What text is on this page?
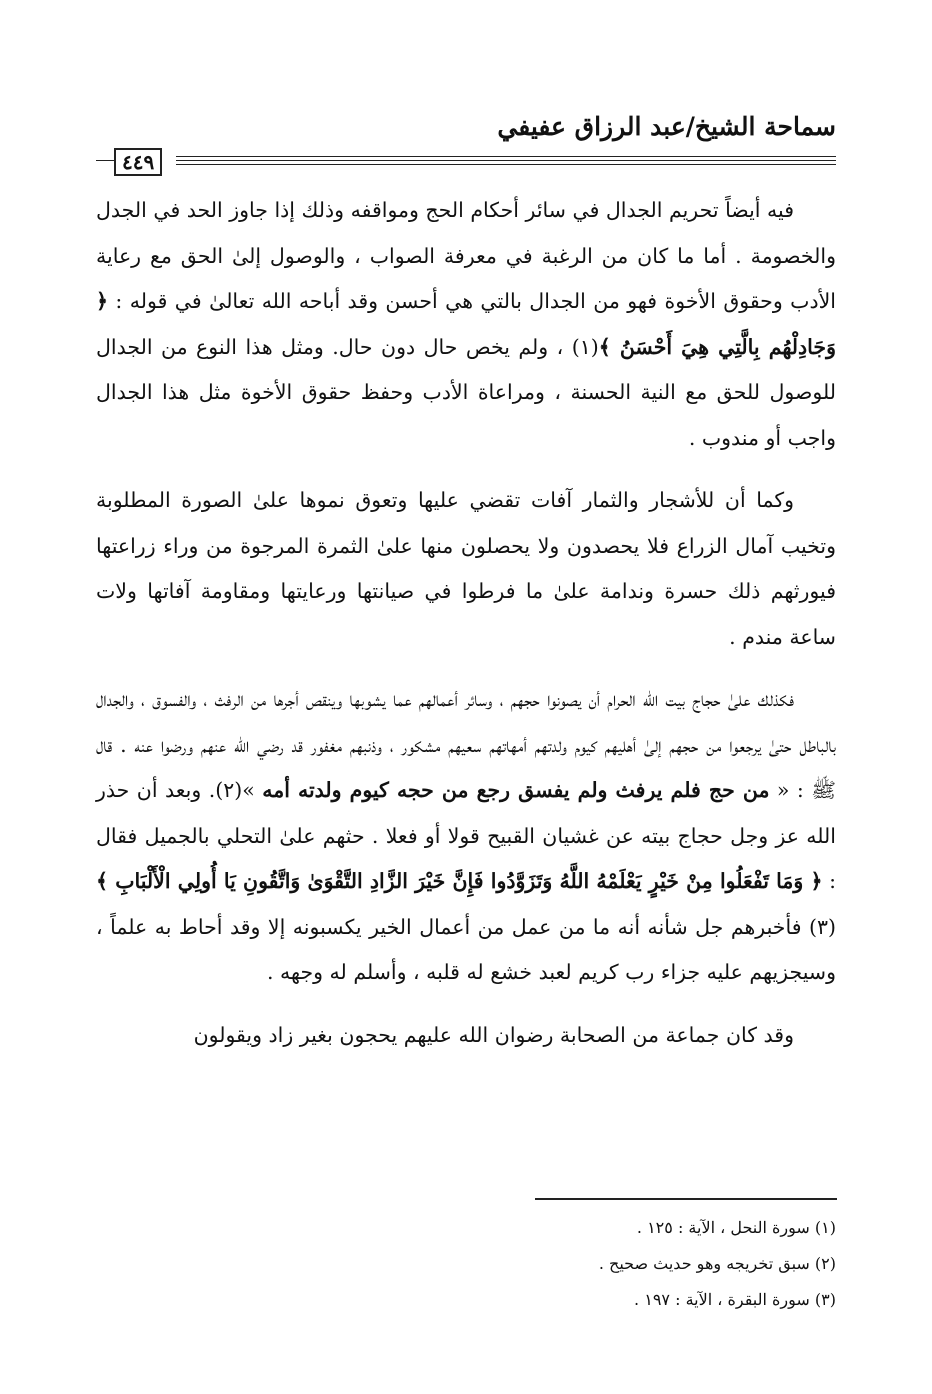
سماحة الشيخ/عبد الرزاق عفيفي
٤٤٩

فيه أيضاً تحريم الجدال في سائر أحكام الحج ومواقفه وذلك إذا جاوز الحد في الجدل والخصومة . أما ما كان من الرغبة في معرفة الصواب ، والوصول إلىٰ الحق مع رعاية الأدب وحقوق الأخوة فهو من الجدال بالتي هي أحسن وقد أباحه الله تعالىٰ في قوله : ﴿ وَجَادِلْهُم بِالَّتِي هِيَ أَحْسَنُ ﴾(١) ، ولم يخص حال دون حال. ومثل هذا النوع من الجدال للوصول للحق مع النية الحسنة ، ومراعاة الأدب وحفظ حقوق الأخوة مثل هذا الجدال واجب أو مندوب .

وكما أن للأشجار والثمار آفات تقضي عليها وتعوق نموها علىٰ الصورة المطلوبة وتخيب آمال الزراع فلا يحصدون ولا يحصلون منها علىٰ الثمرة المرجوة من وراء زراعتها فيورثهم ذلك حسرة وندامة علىٰ ما فرطوا في صيانتها ورعايتها ومقاومة آفاتها ولات ساعة مندم .

فكذلك علىٰ حجاج بيت الله الحرام أن يصونوا حجهم ، وسائر أعمالهم عما يشوبها وينقص أجرها من الرفث ، والفسوق ، والجدال بالباطل حتىٰ يرجعوا من حجهم إلىٰ أهليهم كيوم ولدتهم أمهاتهم سعيهم مشكور ، وذنبهم مغفور قد رضي الله عنهم ورضوا عنه . قال ﷺ : « من حج فلم يرفث ولم يفسق رجع من حجه كيوم ولدته أمه »(٢). وبعد أن حذر الله عز وجل حجاج بيته عن غشيان القبيح قولا أو فعلا . حثهم علىٰ التحلي بالجميل فقال : ﴿ وَمَا تَفْعَلُوا مِنْ خَيْرٍ يَعْلَمْهُ اللَّهُ وَتَزَوَّدُوا فَإِنَّ خَيْرَ الزَّادِ التَّقْوَىٰ وَاتَّقُونِ يَا أُولِي الْأَلْبَابِ ﴾ (٣) فأخبرهم جل شأنه أنه ما من عمل من أعمال الخير يكسبونه إلا وقد أحاط به علماً ، وسيجزيهم عليه جزاء رب كريم لعبد خشع له قلبه ، وأسلم له وجهه .

وقد كان جماعة من الصحابة رضوان الله عليهم يحجون بغير زاد ويقولون

(١) سورة النحل ، الآية : ١٢٥ .
(٢) سبق تخريجه وهو حديث صحيح .
(٣) سورة البقرة ، الآية : ١٩٧ .
